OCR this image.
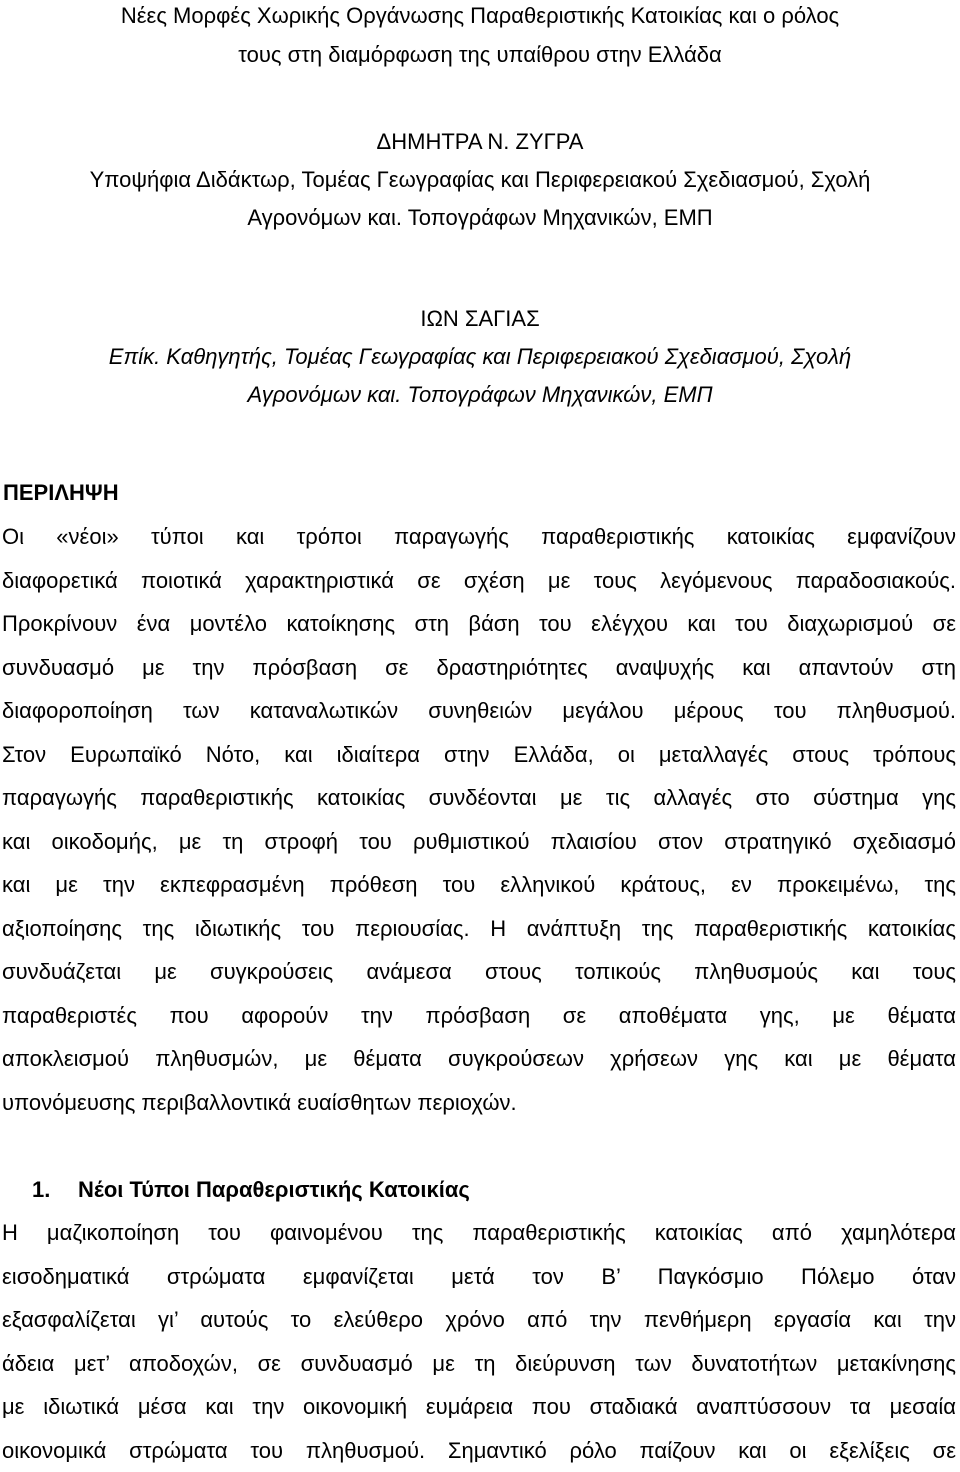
Νέες Μορφές Χωρικής Οργάνωσης Παραθεριστικής Κατοικίας και ο ρόλος
τους στη διαμόρφωση της υπαίθρου στην Ελλάδα
ΔΗΜΗΤΡΑ Ν. ΖΥΓΡΑ
Υποψήφια Διδάκτωρ, Τομέας Γεωγραφίας και Περιφερειακού Σχεδιασμού, Σχολή
Αγρονόμων και. Τοπογράφων Μηχανικών, ΕΜΠ
ΙΩΝ ΣΑΓΙΑΣ
Επίκ. Καθηγητής, Τομέας Γεωγραφίας και Περιφερειακού Σχεδιασμού, Σχολή
Αγρονόμων και. Τοπογράφων Μηχανικών, ΕΜΠ
ΠΕΡΙΛΗΨΗ
Οι «νέοι» τύποι και τρόποι παραγωγής παραθεριστικής κατοικίας εμφανίζουν
διαφορετικά ποιοτικά χαρακτηριστικά σε σχέση με τους λεγόμενους παραδοσιακούς.
Προκρίνουν ένα μοντέλο κατοίκησης στη βάση του ελέγχου και του διαχωρισμού σε
συνδυασμό με την πρόσβαση σε δραστηριότητες αναψυχής και απαντούν στη
διαφοροποίηση των καταναλωτικών συνηθειών μεγάλου μέρους του πληθυσμού.
Στον Ευρωπαϊκό Νότο, και ιδιαίτερα στην Ελλάδα, οι μεταλλαγές στους τρόπους
παραγωγής παραθεριστικής κατοικίας συνδέονται με τις αλλαγές στο σύστημα γης
και οικοδομής, με τη στροφή του ρυθμιστικού πλαισίου στον στρατηγικό σχεδιασμό
και με την εκπεφρασμένη πρόθεση του ελληνικού κράτους, εν προκειμένω, της
αξιοποίησης της ιδιωτικής του περιουσίας. Η ανάπτυξη της παραθεριστικής κατοικίας
συνδυάζεται με συγκρούσεις ανάμεσα στους τοπικούς πληθυσμούς και τους
παραθεριστές που αφορούν την πρόσβαση σε αποθέματα γης, με θέματα
αποκλεισμού πληθυσμών, με θέματα συγκρούσεων χρήσεων γης και με θέματα
υπονόμευσης περιβαλλοντικά ευαίσθητων περιοχών.
1. Νέοι Τύποι Παραθεριστικής Κατοικίας
Η μαζικοποίηση του φαινομένου της παραθεριστικής κατοικίας από χαμηλότερα
εισοδηματικά στρώματα εμφανίζεται μετά τον Β’ Παγκόσμιο Πόλεμο όταν
εξασφαλίζεται γι’ αυτούς το ελεύθερο χρόνο από την πενθήμερη εργασία και την
άδεια μετ’ αποδοχών, σε συνδυασμό με τη διεύρυνση των δυνατοτήτων μετακίνησης
με ιδιωτικά μέσα και την οικονομική ευμάρεια που σταδιακά αναπτύσσουν τα μεσαία
οικονομικά στρώματα του πληθυσμού. Σημαντικό ρόλο παίζουν και οι εξελίξεις σε
